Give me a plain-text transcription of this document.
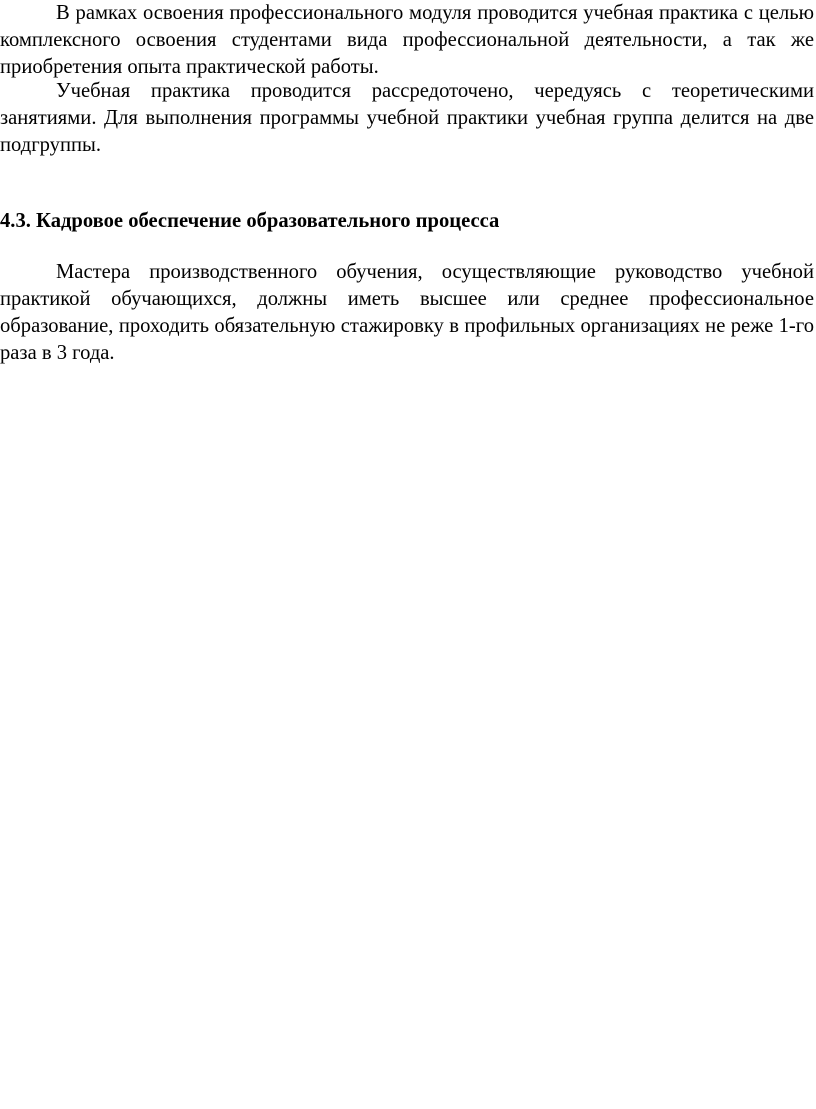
В рамках освоения профессионального модуля проводится учебная практика с целью комплексного освоения студентами вида профессиональной деятельности, а так же приобретения опыта практической работы.

Учебная практика проводится рассредоточено, чередуясь с теоретическими занятиями. Для выполнения программы учебной практики учебная группа делится на две подгруппы.

4.3. Кадровое обеспечение образовательного процесса

Мастера производственного обучения, осуществляющие руководство учебной практикой обучающихся, должны иметь высшее или среднее профессиональное образование, проходить обязательную стажировку в профильных организациях не реже 1-го раза в 3 года.
